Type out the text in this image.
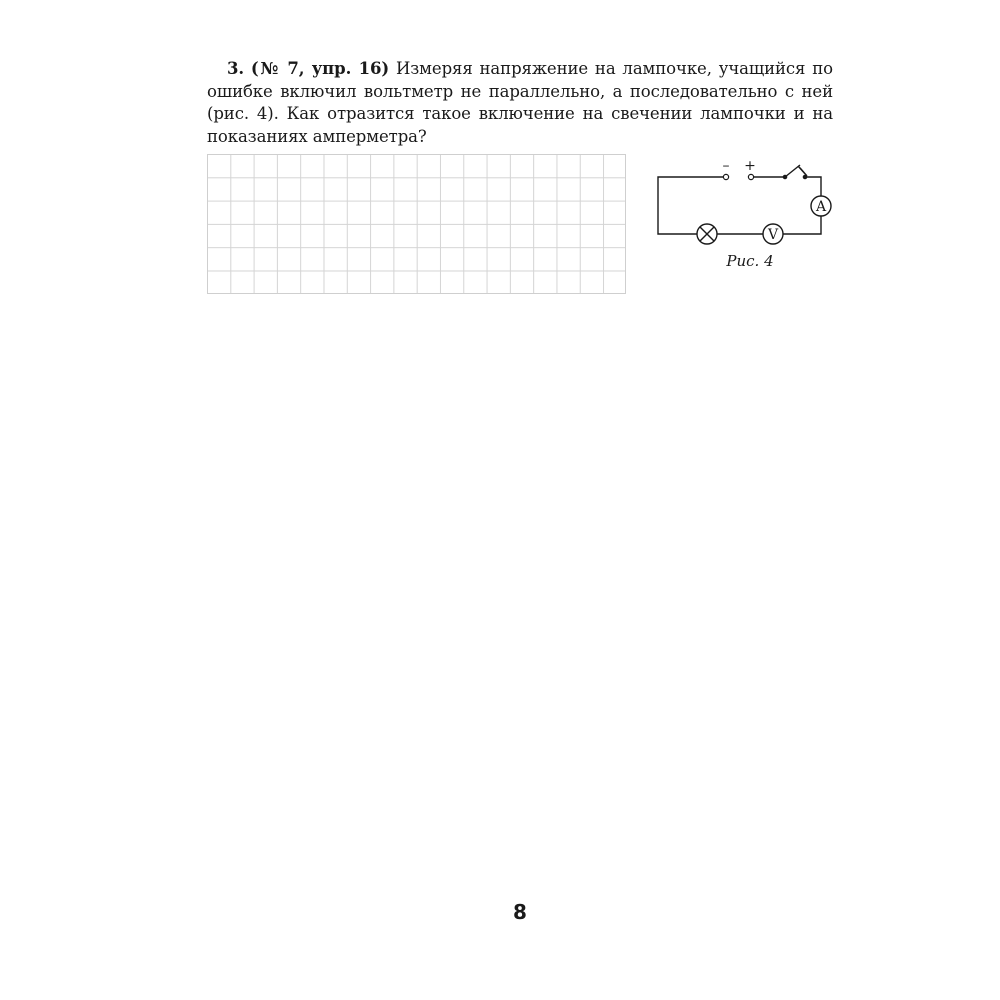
3. (№ 7, упр. 16) Измеряя напряжение на лампочке, учащийся по ошибке включил вольтметр не параллельно, а последовательно с ней (рис. 4). Как отразится такое включение на свечении лампочки и на показаниях амперметра?
– +
A
V
Рис. 4
8
